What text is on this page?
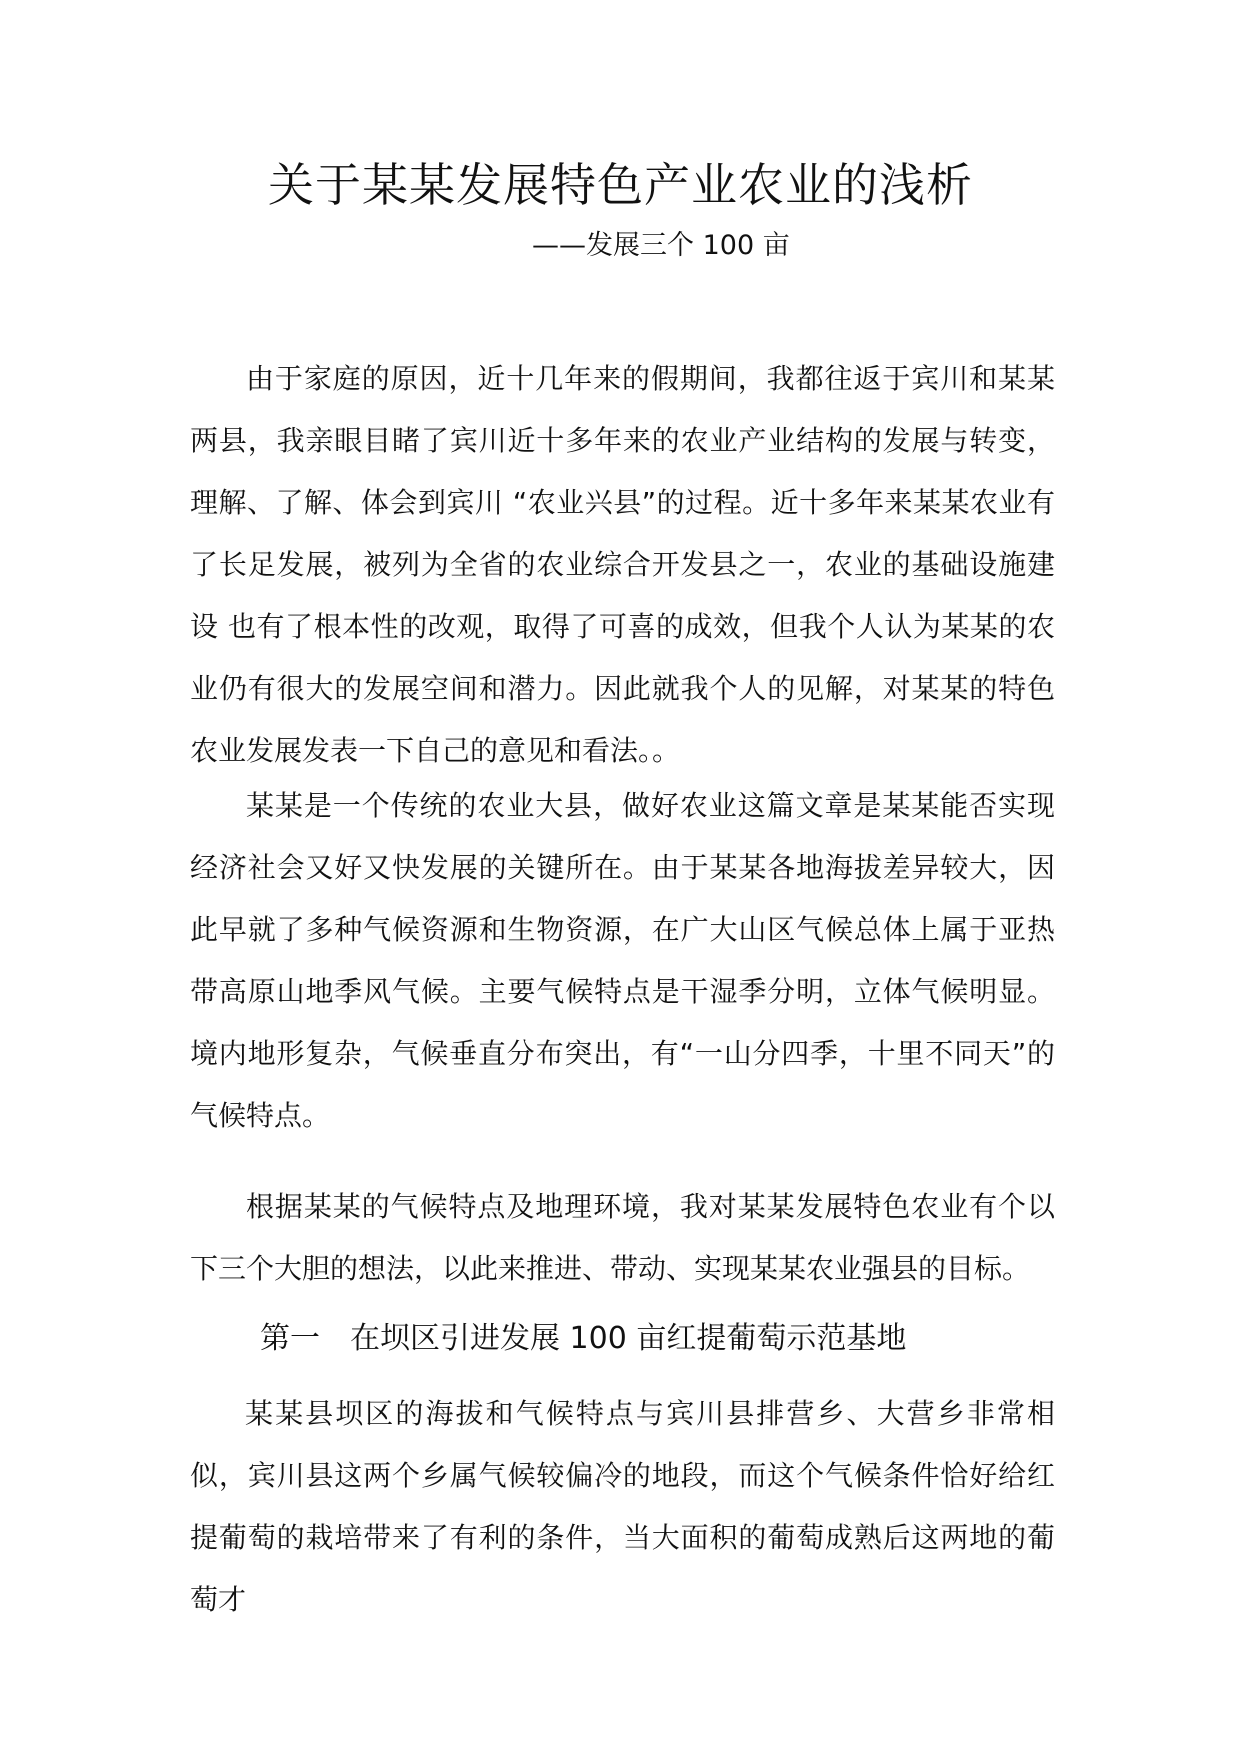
关于某某发展特色产业农业的浅析
——发展三个 100 亩

由于家庭的原因，近十几年来的假期间，我都往返于宾川和某某两县，我亲眼目睹了宾川近十多年来的农业产业结构的发展与转变，理解、了解、体会到宾川 “农业兴县”的过程。近十多年来某某农业有了长足发展，被列为全省的农业综合开发县之一，农业的基础设施建设 也有了根本性的改观，取得了可喜的成效，但我个人认为某某的农业仍有很大的发展空间和潜力。因此就我个人的见解，对某某的特色农业发展发表一下自己的意见和看法。。

某某是一个传统的农业大县，做好农业这篇文章是某某能否实现经济社会又好又快发展的关键所在。由于某某各地海拔差异较大，因此早就了多种气候资源和生物资源，在广大山区气候总体上属于亚热带高原山地季风气候。主要气候特点是干湿季分明，立体气候明显。境内地形复杂，气候垂直分布突出，有“一山分四季，十里不同天”的气候特点。

根据某某的气候特点及地理环境，我对某某发展特色农业有个以下三个大胆的想法，以此来推进、带动、实现某某农业强县的目标。

第一　在坝区引进发展 100 亩红提葡萄示范基地

某某县坝区的海拔和气候特点与宾川县排营乡、大营乡非常相似，宾川县这两个乡属气候较偏冷的地段，而这个气候条件恰好给红提葡萄的栽培带来了有利的条件，当大面积的葡萄成熟后这两地的葡萄才
